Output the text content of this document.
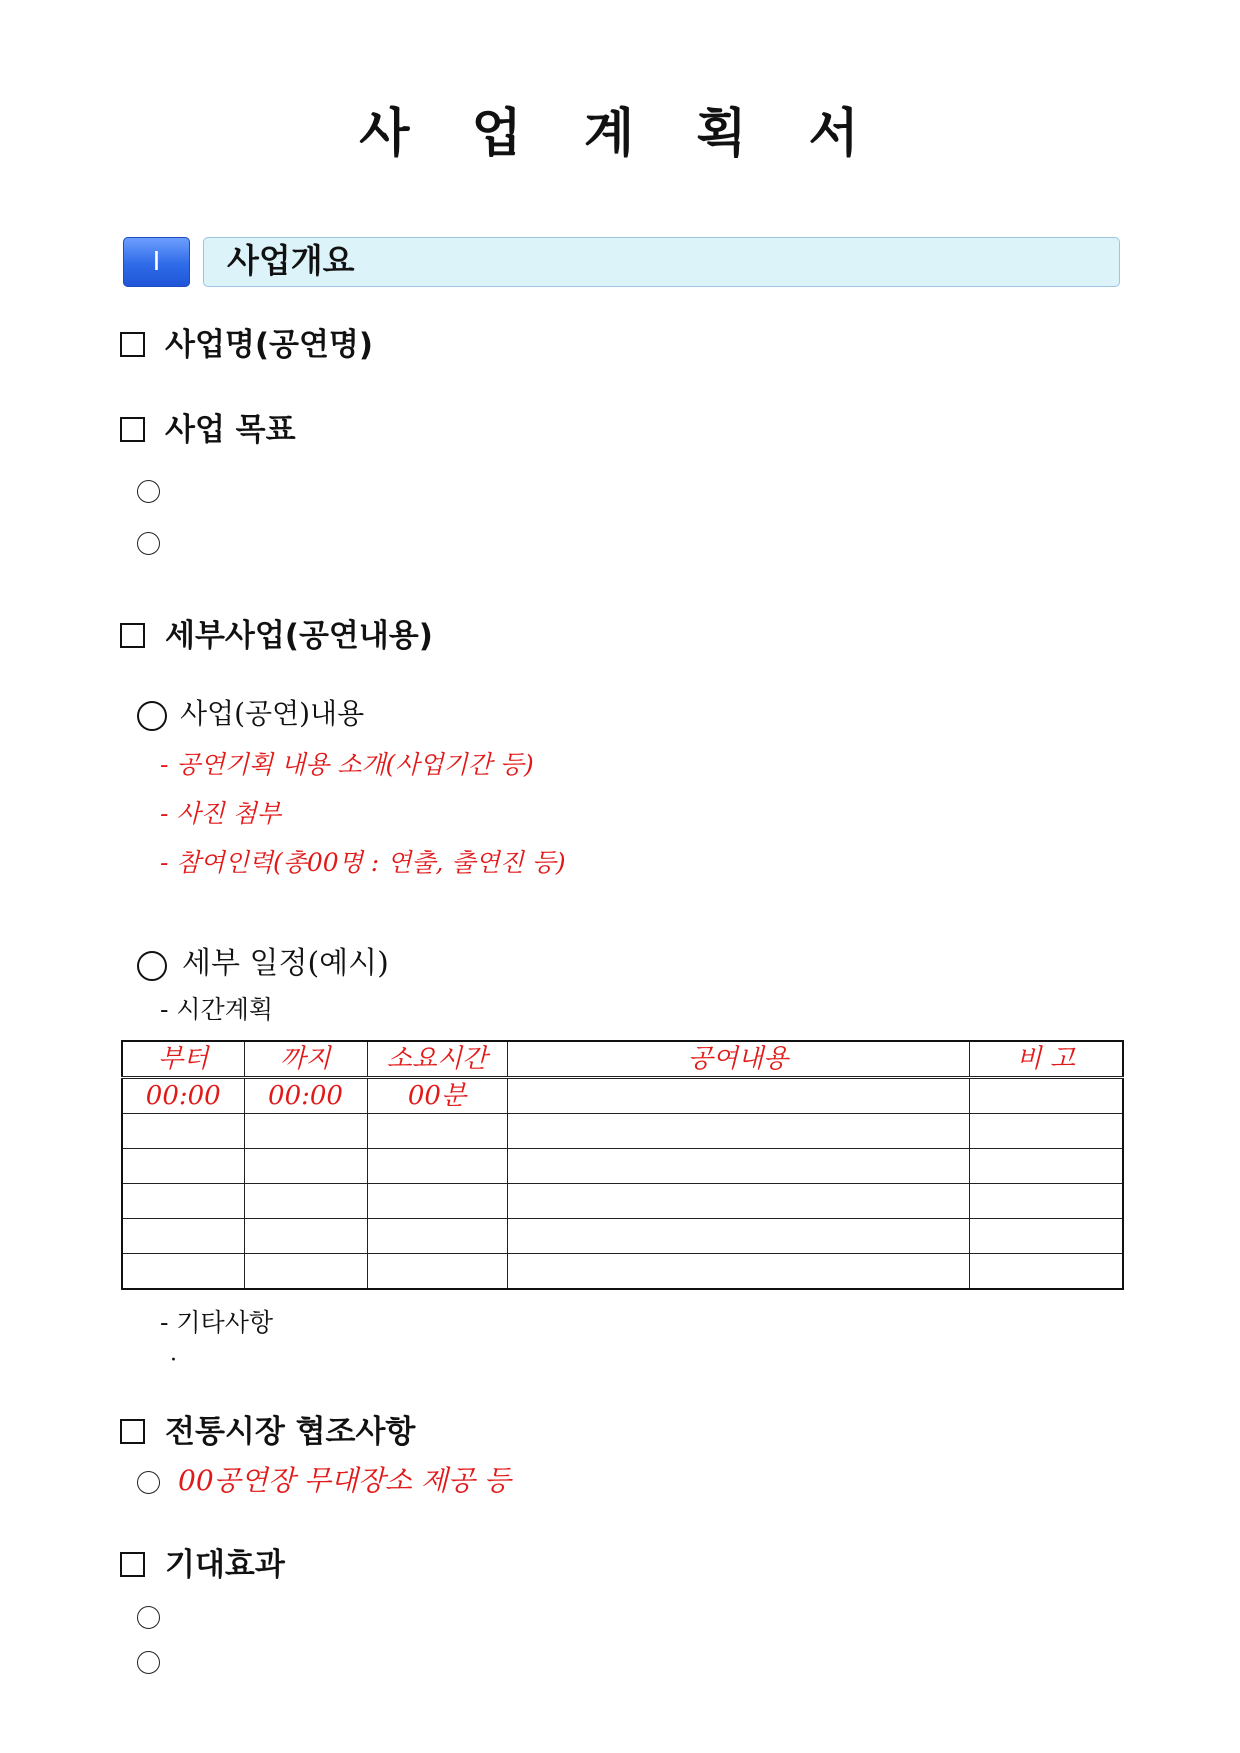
사 업 계 획 서
Ⅰ	사업개요
사업명(공연명)
사업 목표
세부사업(공연내용)
사업(공연)내용
- 공연기획 내용 소개(사업기간 등)
- 사진 첨부
- 참여인력(총00명 : 연출, 출연진 등)
세부 일정(예시)
- 시간계획
부터	까지	소요시간	공여내용	비 고
00:00	00:00	00분		

- 기타사항
·
전통시장 협조사항
00공연장 무대장소 제공 등
기대효과
